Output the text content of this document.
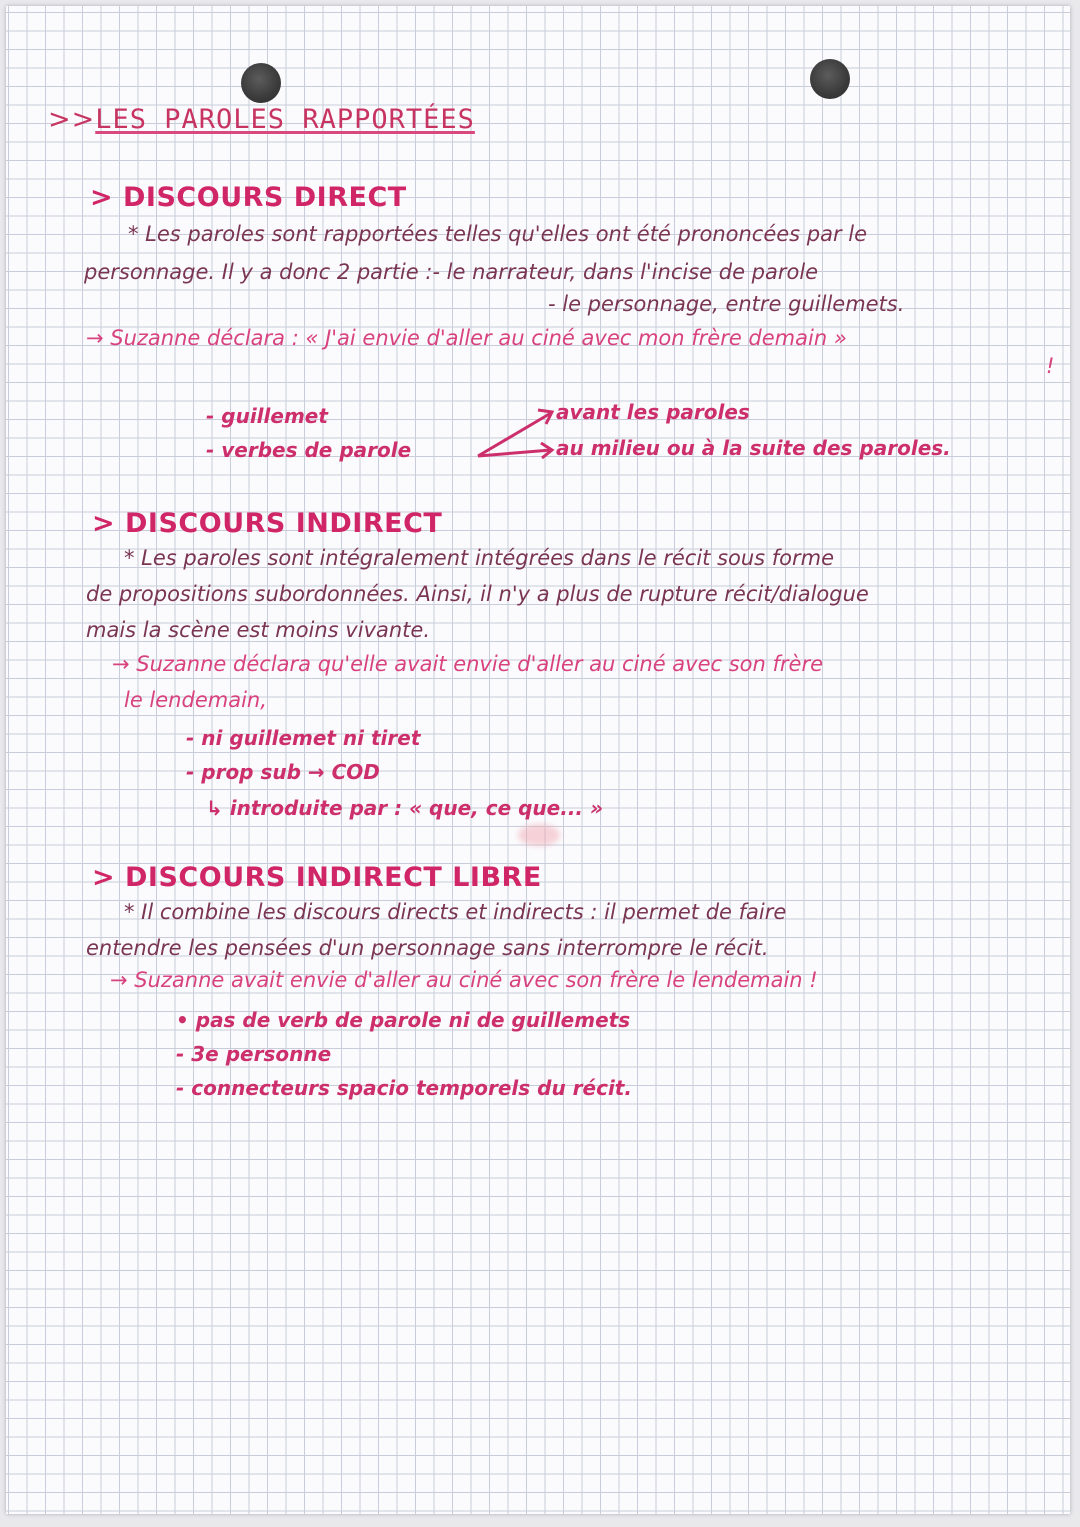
>>LES PAROLES RAPPORTÉES
> DISCOURS DIRECT
* Les paroles sont rapportées telles qu'elles ont été prononcées par le
personnage. Il y a donc 2 partie :- le narrateur, dans l'incise de parole
- le personnage, entre guillemets.
→ Suzanne déclara : « J'ai envie d'aller au ciné avec mon frère demain »
!
- guillemet
- verbes de parole
avant les paroles
au milieu ou à la suite des paroles.
> DISCOURS INDIRECT
* Les paroles sont intégralement intégrées dans le récit sous forme
de propositions subordonnées. Ainsi, il n'y a plus de rupture récit/dialogue
mais la scène est moins vivante.
→ Suzanne déclara qu'elle avait envie d'aller au ciné avec son frère
le lendemain,
- ni guillemet ni tiret
- prop sub → COD
↳ introduite par : « que, ce que... »
> DISCOURS INDIRECT LIBRE
* Il combine les discours directs et indirects : il permet de faire
entendre les pensées d'un personnage sans interrompre le récit.
→ Suzanne avait envie d'aller au ciné avec son frère le lendemain !
• pas de verb de parole ni de guillemets
- 3e personne
- connecteurs spacio temporels du récit.
